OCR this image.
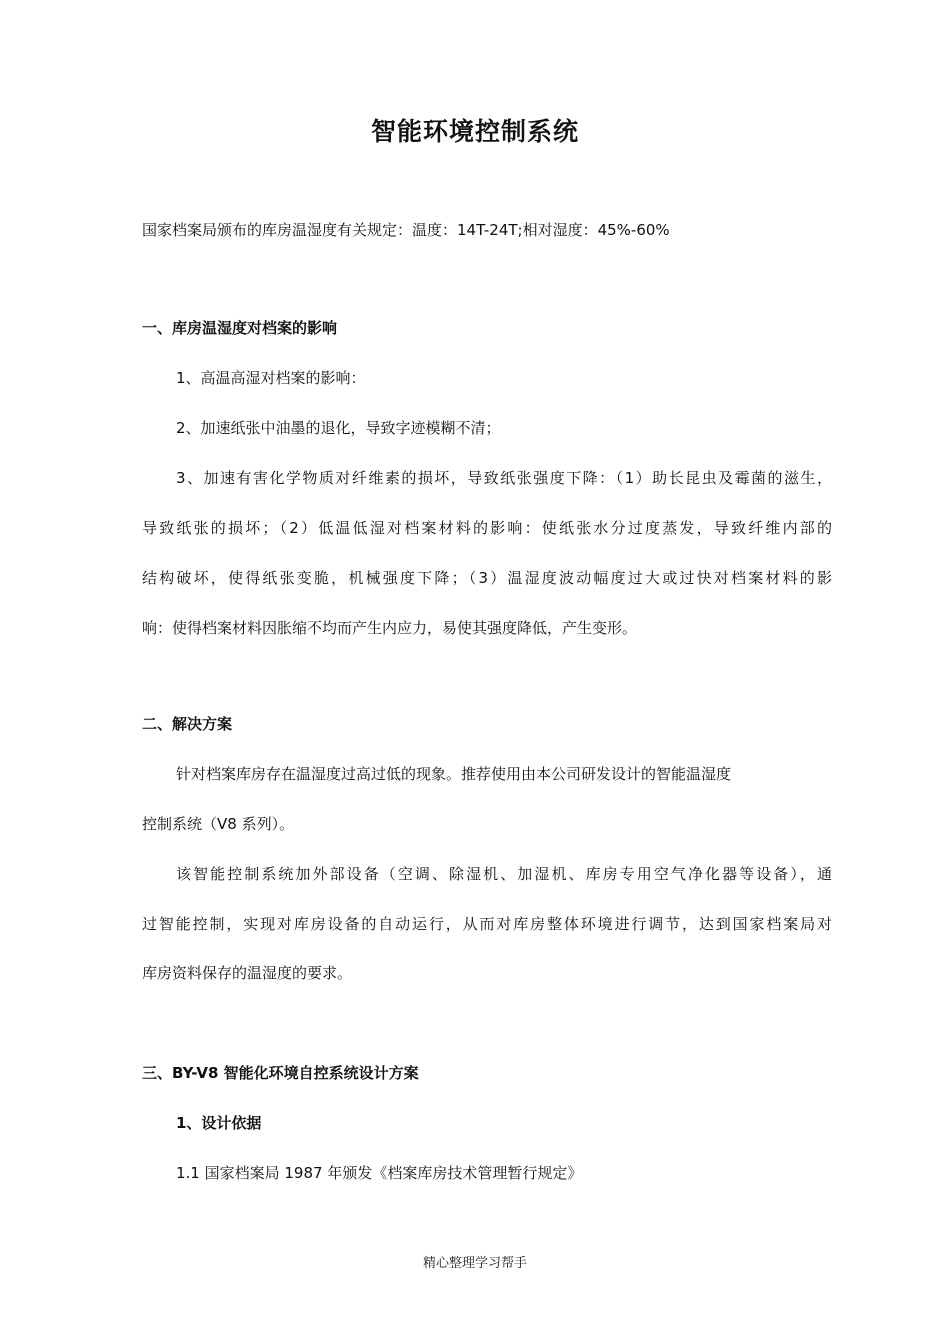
智能环境控制系统

国家档案局颁布的库房温湿度有关规定：温度：14T-24T;相对湿度：45%-60%

一、库房温湿度对档案的影响

1、高温高湿对档案的影响：

2、加速纸张中油墨的退化，导致字迹模糊不清；

3、加速有害化学物质对纤维素的损坏，导致纸张强度下降：（1）助长昆虫及霉菌的滋生，

导致纸张的损坏；（2）低温低湿对档案材料的影响：使纸张水分过度蒸发，导致纤维内部的

结构破坏，使得纸张变脆，机械强度下降；（3）温湿度波动幅度过大或过快对档案材料的影

响：使得档案材料因胀缩不均而产生内应力，易使其强度降低，产生变形。

二、解决方案

针对档案库房存在温湿度过高过低的现象。推荐使用由本公司研发设计的智能温湿度

控制系统（V8 系列）。

该智能控制系统加外部设备（空调、除湿机、加湿机、库房专用空气净化器等设备），通

过智能控制，实现对库房设备的自动运行，从而对库房整体环境进行调节，达到国家档案局对

库房资料保存的温湿度的要求。

三、BY-V8 智能化环境自控系统设计方案

1、设计依据

1.1 国家档案局 1987 年颁发《档案库房技术管理暂行规定》

精心整理学习帮手
